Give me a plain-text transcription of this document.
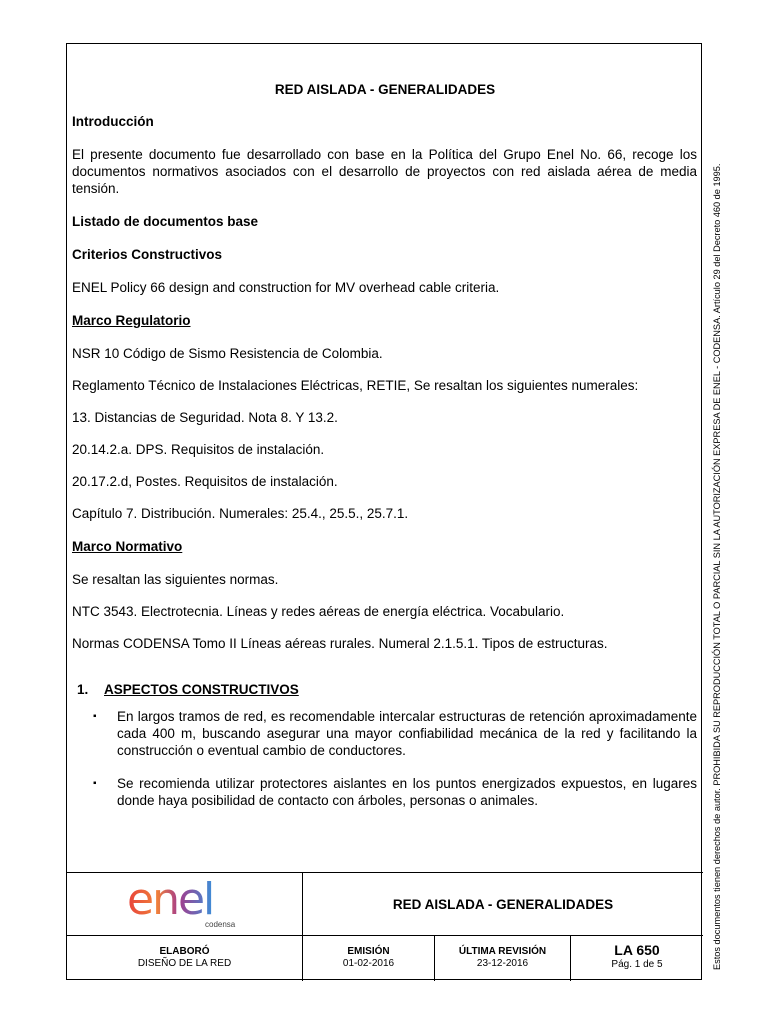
RED AISLADA - GENERALIDADES

Introducción

El presente documento fue desarrollado con base en la Política del Grupo Enel No. 66, recoge los documentos normativos asociados con el desarrollo de proyectos con red aislada aérea de media tensión.

Listado de documentos base

Criterios Constructivos

ENEL Policy 66 design and construction for MV overhead cable criteria.

Marco Regulatorio

NSR 10 Código de Sismo Resistencia de Colombia.

Reglamento Técnico de Instalaciones Eléctricas, RETIE, Se resaltan los siguientes numerales:

13. Distancias de Seguridad. Nota 8. Y 13.2.

20.14.2.a. DPS. Requisitos de instalación.

20.17.2.d, Postes. Requisitos de instalación.

Capítulo 7. Distribución. Numerales: 25.4., 25.5., 25.7.1.

Marco Normativo

Se resaltan las siguientes normas.

NTC 3543. Electrotecnia. Líneas y redes aéreas de energía eléctrica. Vocabulario.

Normas CODENSA Tomo II Líneas aéreas rurales. Numeral 2.1.5.1. Tipos de estructuras.

1. ASPECTOS CONSTRUCTIVOS

▪ En largos tramos de red, es recomendable intercalar estructuras de retención aproximadamente cada 400 m, buscando asegurar una mayor confiabilidad mecánica de la red y facilitando la construcción o eventual cambio de conductores.
▪ Se recomienda utilizar protectores aislantes en los puntos energizados expuestos, en lugares donde haya posibilidad de contacto con árboles, personas o animales.
enel
codensa
RED AISLADA - GENERALIDADES
ELABORÓ
DISEÑO DE LA RED
EMISIÓN
01-02-2016
ÚLTIMA REVISIÓN
23-12-2016
LA 650
Pág. 1 de 5	Estos documentos tienen derechos de autor. PROHIBIDA SU REPRODUCCIÓN TOTAL O PARCIAL SIN LA AUTORIZACIÓN EXPRESA DE ENEL - CODENSA. Artículo 29 del Decreto 460 de 1995.
